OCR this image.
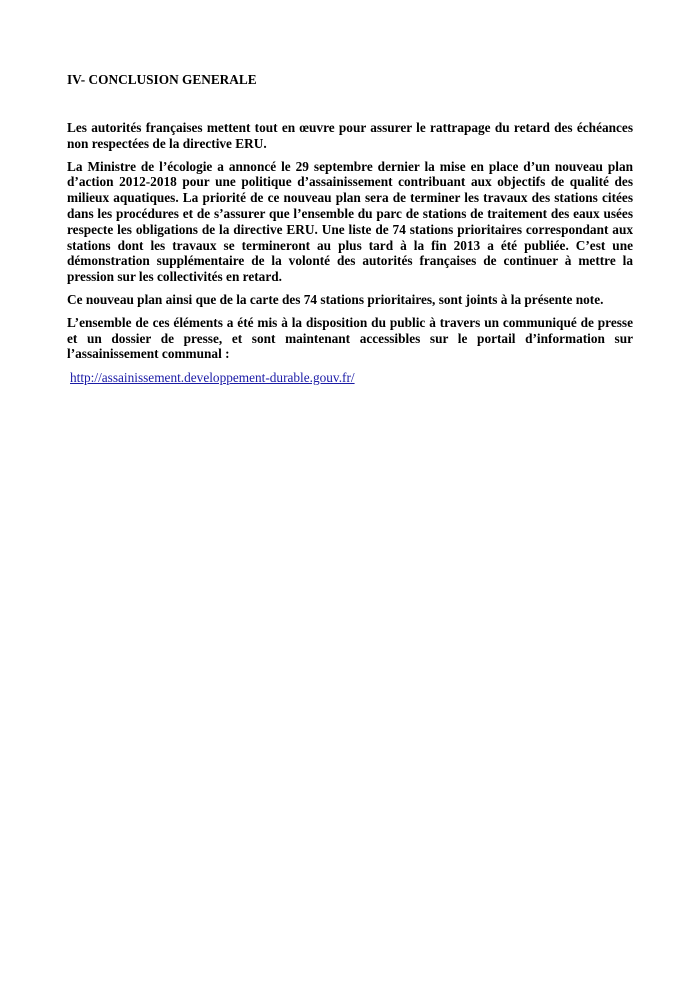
IV- CONCLUSION GENERALE

Les autorités françaises mettent tout en œuvre pour assurer le rattrapage du retard des échéances non respectées de la directive ERU.

La Ministre de l’écologie a annoncé le 29 septembre dernier la mise en place d’un nouveau plan d’action 2012-2018 pour une politique d’assainissement contribuant aux objectifs de qualité des milieux aquatiques. La priorité de ce nouveau plan sera de terminer les travaux des stations citées dans les procédures et de s’assurer que l’ensemble du parc de stations de traitement des eaux usées respecte les obligations de la directive ERU. Une liste de 74 stations prioritaires correspondant aux stations dont les travaux se termineront au plus tard à la fin 2013 a été publiée. C’est une démonstration supplémentaire de la volonté des autorités françaises de continuer à mettre la pression sur les collectivités en retard.

Ce nouveau plan ainsi que de la carte des 74 stations prioritaires, sont joints à la présente note.

L’ensemble de ces éléments a été mis à la disposition du public à travers un communiqué de presse et un dossier de presse, et sont maintenant accessibles sur le portail d’information sur l’assainissement communal :

http://assainissement.developpement-durable.gouv.fr/
